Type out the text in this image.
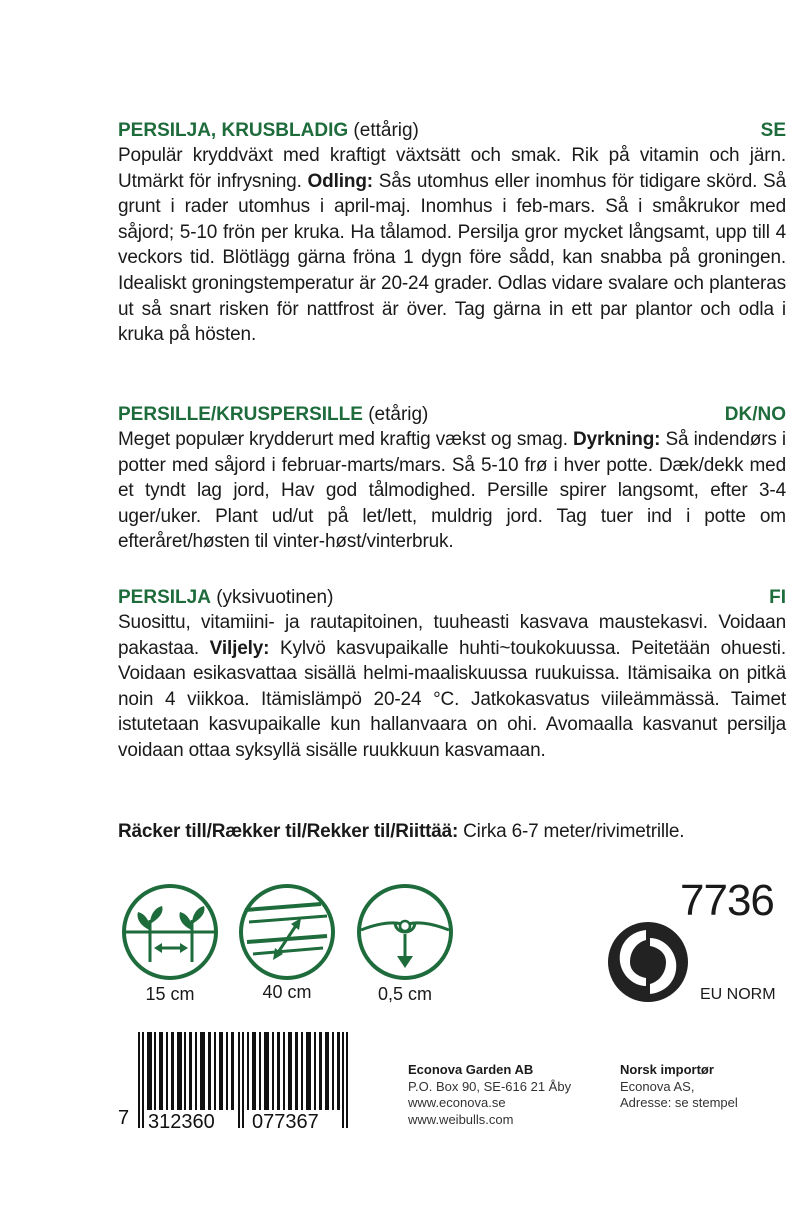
PERSILJA, KRUSBLADIG (ettårig)	SE
Populär kryddväxt med kraftigt växtsätt och smak. Rik på vitamin och järn. Utmärkt för infrysning. Odling: Sås utomhus eller inomhus för tidigare skörd. Så grunt i rader utomhus i april-maj. Inomhus i feb-mars. Så i småkrukor med såjord; 5-10 frön per kruka. Ha tålamod. Persilja gror mycket långsamt, upp till 4 veckors tid. Blötlägg gärna fröna 1 dygn före sådd, kan snabba på groningen. Idealiskt groningstemperatur är 20-24 grader. Odlas vidare svalare och planteras ut så snart risken för nattfrost är över. Tag gärna in ett par plantor och odla i kruka på hösten.
PERSILLE/KRUSPERSILLE (etårig)	DK/NO
Meget populær krydderurt med kraftig vækst og smag. Dyrkning: Så indendørs i potter med såjord i februar-marts/mars. Så 5-10 frø i hver potte. Dæk/dekk med et tyndt lag jord, Hav god tålmodighed. Persille spirer langsomt, efter 3-4 uger/uker. Plant ud/ut på let/lett, muldrig jord. Tag tuer ind i potte om efteråret/høsten til vinter-høst/vinterbruk.
PERSILJA (yksivuotinen)	FI
Suosittu, vitamiini- ja rautapitoinen, tuuheasti kasvava maustekasvi. Voidaan pakastaa. Viljely: Kylvö kasvupaikalle huhti~toukokuussa. Peitetään ohuesti. Voidaan esikasvattaa sisällä helmi-maaliskuussa ruukuissa. Itämisaika on pitkä noin 4 viikkoa. Itämislämpö 20-24 °C. Jatkokasvatus viileämmässä. Taimet istutetaan kasvupaikalle kun hallanvaara on ohi. Avomaalla kasvanut persilja voidaan ottaa syksyllä sisälle ruukkuun kasvamaan.
Räcker till/Rækker til/Rekker til/Riittää: Cirka 6-7 meter/rivimetrille.
15 cm	40 cm	0,5 cm
7736
EU NORM
7 312360 077367
Econova Garden AB
P.O. Box 90, SE-616 21 Åby
www.econova.se
www.weibulls.com
Norsk importør
Econova AS,
Adresse: se stempel
